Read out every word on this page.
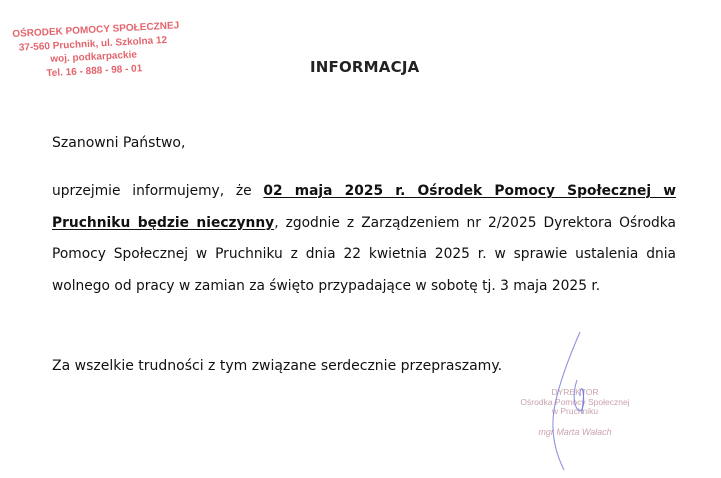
OŚRODEK POMOCY SPOŁECZNEJ
37-560 Pruchnik, ul. Szkolna 12
woj. podkarpackie
Tel. 16 - 888 - 98 - 01	INFORMACJA
Szanowni Państwo,
uprzejmie informujemy, że 02 maja 2025 r. Ośrodek Pomocy Społecznej w Pruchniku będzie nieczynny, zgodnie z Zarządzeniem nr 2/2025 Dyrektora Ośrodka Pomocy Społecznej w Pruchniku z dnia 22 kwietnia 2025 r. w sprawie ustalenia dnia wolnego od pracy w zamian za święto przypadające w sobotę tj. 3 maja 2025 r.
Za wszelkie trudności z tym związane serdecznie przepraszamy.
DYREKTOR
Ośrodka Pomocy Społecznej
w Pruchniku
mgr Marta Wałach
